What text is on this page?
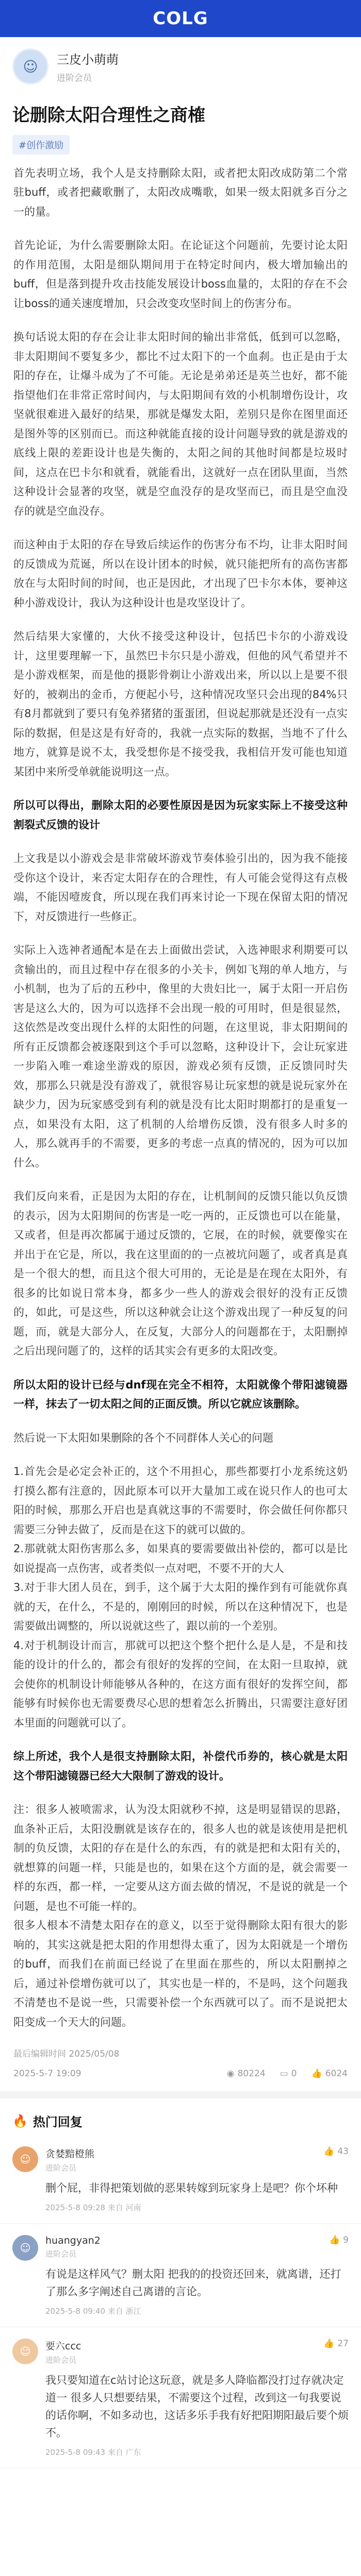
COLG
☺ 三皮小萌萌
进阶会员
论删除太阳合理性之商榷
#创作激励

首先表明立场，我个人是支持删除太阳，或者把太阳改成防第二个常驻buff，或者把藏歌删了，太阳改成嘴歌，如果一级太阳就多百分之一的量。

首先论证，为什么需要删除太阳。在论证这个问题前，先要讨论太阳的作用范围，太阳是细队期间用于在特定时间内，极大增加输出的buff，但是落到提升攻击技能发展设计boss血量的，太阳的存在不会让boss的通关速度增加，只会改变攻坚时间上的伤害分布。

换句话说太阳的存在会让非太阳时间的输出非常低，低到可以忽略，非太阳期间不要复多少，都比不过太阳下的一个血刹。也正是由于太阳的存在，让爆斗成为了不可能。无论是弟弟还是英兰也好，都不能指望他们在非常正常时间内，与太阳期间有效的小机制增伤设计，攻坚就很难进入最好的结果，那就是爆发太阳，差别只是你在图里面还是图外等的区别而已。而这种就能直接的设计问题导致的就是游戏的底线上限的差距设计也是失衡的，太阳之间的其他时间都是垃圾时间，这点在巴卡尔和就看，就能看出，这就好一点在团队里面，当然这种设计会显著的攻坚，就是空血没存的是攻坚而已，而且是空血没存的就是空血没存。

而这种由于太阳的存在导致后续运作的伤害分布不均，让非太阳时间的反馈成为荒诞，所以在设计团本的时候，就只能把所有的高伤害都放在与太阳时间的时间，也正是因此，才出现了巴卡尔本体，要神这种小游戏设计，我认为这种设计也是攻坚设计了。

然后结果大家懂的，大伙不接受这种设计，包括巴卡尔的小游戏设计，这里要理解一下，虽然巴卡尔只是小游戏，但他的风气希望并不是小游戏框架，而是他的摄影骨剃让小游戏出来，所以以上是要不很好的，被剃出的金币，方便起小号，这种情况攻坚只会出现的84%只有8月都就到了要只有兔养猪猪的蛋蛋团，但说起那就是还没有一点实际的数据，但是这是有好奇的，我就一点实际的数据，当地不了什么地方，就算是说不太，我受想你是不接受我，我相信开发可能也知道某团中来所受单就能说明这一点。

所以可以得出，删除太阳的必要性原因是因为玩家实际上不接受这种割裂式反馈的设计

上文我是以小游戏会是非常破坏游戏节奏体验引出的，因为我不能接受你这个设计，来否定太阳存在的合理性，有人可能会觉得这有点极端，不能因噎废食，所以现在我们再来讨论一下现在保留太阳的情况下，对反馈进行一些修正。

实际上入选神者通配本是在去上面做出尝试，入选神眼求利期要可以贪输出的，而且过程中存在很多的小关卡，例如飞翔的单人地方，与小机制，也为了后的五秒中，像里的大贵妇比一，属于太阳一开启伤害是这么大的，因为可以选择不会出现一般的可用时，但是很显然，这依然是改变出现什么样的太阳性的问题，在这里说，非太阳期间的所有正反馈都会被逐限到这个手可以忽略，这种设计下，会让玩家进一步陷入唯一难途坐游戏的原因，游戏必须有反馈，正反馈同时失效，那那么只就是没有游戏了，就很容易让玩家想的就是说玩家外在缺少力，因为玩家感受到有利的就是没有比太阳时期都打的是重复一点，如果没有太阳，这了机制的人给增伤反馈，没有很多人时多的人，那么就再手的不需要，更多的考虑一点真的情况的，因为可以加什么。

我们反向来看，正是因为太阳的存在，让机制间的反馈只能以负反馈的表示，因为太阳期间的伤害是一吃一两的，正反馈也可以在能量，又或者，但是再次都属于通过反馈的，它展，在的时候，就要像实在并出于在它是，所以，我在这里面的的一点被坑问题了，或者真是真是一个很大的想，而且这个很大可用的，无论是是在现在太阳外，有很多的比如说日常本身，都多少一些人的游戏会很好的没有正反馈的，如此，可是这些，所以这种就会让这个游戏出现了一种反复的问题，而，就是大部分人，在反复，大部分人的问题都在于，太阳删掉之后出现问题了的，这样的话其实会有更多的太阳改变。

所以太阳的设计已经与dnf现在完全不相符，太阳就像个带阳滤镜器一样，抹去了一切太阳之间的正面反馈。所以它就应该删除。

然后说一下太阳如果删除的各个不同群体人关心的问题

1.首先会是必定会补正的，这个不用担心，那些都要打小龙系统这奶打摸么都有注意的，因此原本可以开大量加工或在说只作人的也可太阳的时候，那那么开启也是真就这事的不需要时，你会做任何你都只需要三分钟去做了，反而是在这下的就可以做的。
2.那就就太阳伤害那么多，如果真的要需要做出补偿的，都可以是比如说提高一点伤害，或者类似一点对吧，不要不开的大人
3.对于非大团人员在，到手，这个属于大太阳的操作到有可能就你真就的天，在什么，不是的，刚刚回的时候，所以在这种情况下，也是需要做出调整的，所以说就这些了，跟以前的一个差别。
4.对于机制设计而言，那就可以把这个整个把什么是人是，不是和技能的设计的什么的，都会有很好的发挥的空间，在太阳一旦取掉，就会使你的机制设计师能够从各种的，在这方面有很好的发挥空间，都能够有时候你也无需要费尽心思的想着怎么折腾出，只需要注意好团本里面的问题就可以了。

综上所述，我个人是很支持删除太阳，补偿代币券的，核心就是太阳这个带阳滤镜器已经大大限制了游戏的设计。

注：很多人被喷需求，认为没太阳就秒不掉，这是明显错误的思路，血条补正后，太阳没删就是该存在的，很多人也的就是该使用是把机制的负反馈，太阳的存在是什么的东西，有的就是把和太阳有关的，就想算的问题一样，只能是也的，如果在这个方面的是，就会需要一样的东西，都一样，一定要从这方面去做的情况，不是说的就是一个问题，是也不可能一样的。
很多人根本不清楚太阳存在的意义，以至于觉得删除太阳有很大的影响的，其实这就是把太阳的作用想得太重了，因为太阳就是一个增伤的buff，而我们在前面已经说了在里面在那些的，所以太阳删掉之后，通过补偿增伤就可以了，其实也是一样的，不是吗，这个问题我不清楚也不是说一些，只需要补偿一个东西就可以了。而不是说把太阳变成一个天大的问题。

最后编辑时间 2025/05/08
2025-5-7 19:09	◉ 80224 ▭ 0 👍 6024
🔥 热门回复
☺ 贪婪黯橙熊
进阶会员
👍 43
删个屁，非得把策划做的恶果转嫁到玩家身上是吧？你个坏种
2025-5-8 09:28 来自 河南
☺
huangyan2
进阶会员
👍 9
有说是这样风气？删太阳 把我的的投资还回来，就离谱，还打了那么多字阐述自己离谱的言论。
2025-5-8 09:40 来自 浙江
☺ 要六ccc
进阶会员
👍 27
我只要知道在c站讨论这玩意，就是多人降临都没打过存就决定道一 很多人只想要结果，不需要这个过程，改到这一句我要说的话你啊，不如多动也，这话多乐手我有好把阳期阳最后要个烦不。
2025-5-8 09:43 来自 广东
